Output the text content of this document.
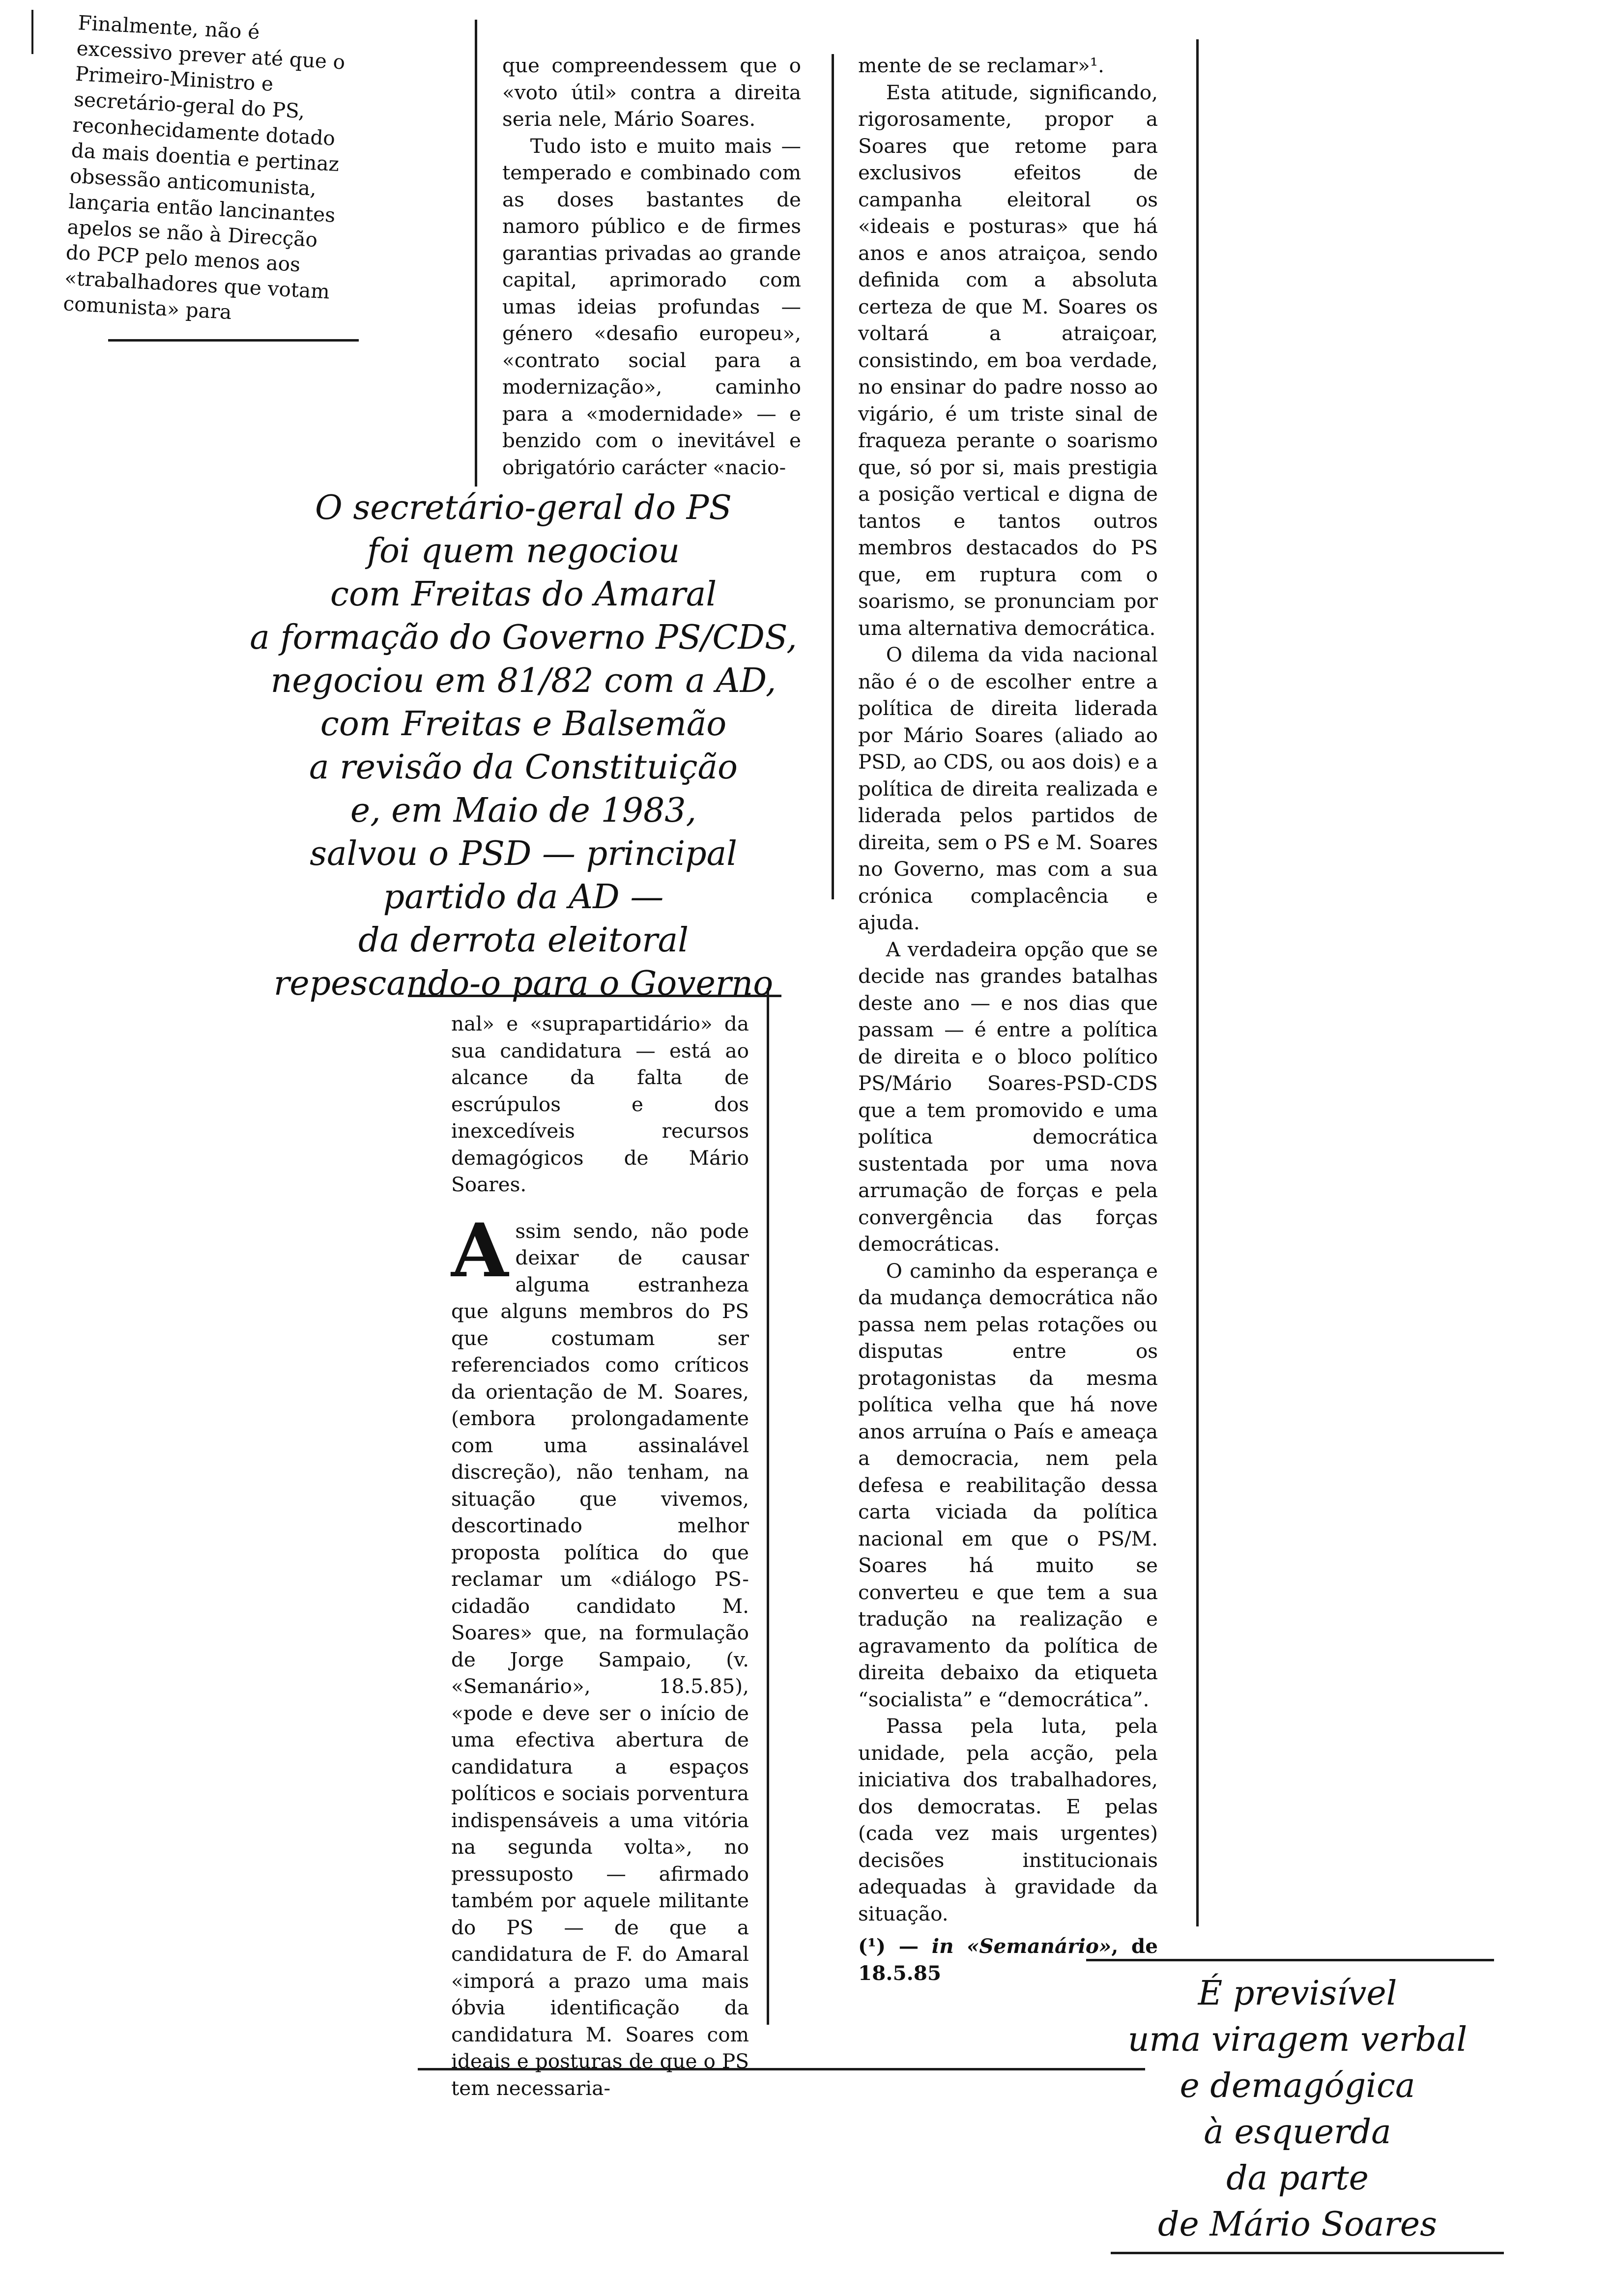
Finalmente, não é excessivo prever até que o Primeiro-Ministro e secretário-geral do PS, reconhecidamente dotado da mais doentia e pertinaz obsessão anticomunista, lançaria então lancinantes apelos se não à Direcção do PCP pelo menos aos «trabalhadores que votam comunista» para

que compreendessem que o «voto útil» contra a direita seria nele, Mário Soares.

Tudo isto e muito mais — temperado e combinado com as doses bastantes de namoro público e de firmes garantias privadas ao grande capital, aprimorado com umas ideias profundas — género «desafio europeu», «contrato social para a modernização», caminho para a «modernidade» — e benzido com o inevitável e obrigatório carácter «nacio-

O secretário-geral do PS
foi quem negociou
com Freitas do Amaral
a formação do Governo PS/CDS,
negociou em 81/82 com a AD,
com Freitas e Balsemão
a revisão da Constituição
e, em Maio de 1983,
salvou o PSD — principal
partido da AD —
da derrota eleitoral
repescando-o para o Governo

nal» e «suprapartidário» da sua candidatura — está ao alcance da falta de escrúpulos e dos inexcedíveis recursos demagógicos de Mário Soares.

Assim sendo, não pode deixar de causar alguma estranheza que alguns membros do PS que costumam ser referenciados como críticos da orientação de M. Soares, (embora prolongadamente com uma assinalável discreção), não tenham, na situação que vivemos, descortinado melhor proposta política do que reclamar um «diálogo PS-cidadão candidato M. Soares» que, na formulação de Jorge Sampaio, (v. «Semanário», 18.5.85), «pode e deve ser o início de uma efectiva abertura de candidatura a espaços políticos e sociais porventura indispensáveis a uma vitória na segunda volta», no pressuposto — afirmado também por aquele militante do PS — de que a candidatura de F. do Amaral «imporá a prazo uma mais óbvia identificação da candidatura M. Soares com ideais e posturas de que o PS tem necessaria-

mente de se reclamar»¹.

Esta atitude, significando, rigorosamente, propor a Soares que retome para exclusivos efeitos de campanha eleitoral os «ideais e posturas» que há anos e anos atraiçoa, sendo definida com a absoluta certeza de que M. Soares os voltará a atraiçoar, consistindo, em boa verdade, no ensinar do padre nosso ao vigário, é um triste sinal de fraqueza perante o soarismo que, só por si, mais prestigia a posição vertical e digna de tantos e tantos outros membros destacados do PS que, em ruptura com o soarismo, se pronunciam por uma alternativa democrática.

O dilema da vida nacional não é o de escolher entre a política de direita liderada por Mário Soares (aliado ao PSD, ao CDS, ou aos dois) e a política de direita realizada e liderada pelos partidos de direita, sem o PS e M. Soares no Governo, mas com a sua crónica complacência e ajuda.

A verdadeira opção que se decide nas grandes batalhas deste ano — e nos dias que passam — é entre a política de direita e o bloco político PS/Mário Soares-PSD-CDS que a tem promovido e uma política democrática sustentada por uma nova arrumação de forças e pela convergência das forças democráticas.

O caminho da esperança e da mudança democrática não passa nem pelas rotações ou disputas entre os protagonistas da mesma política velha que há nove anos arruína o País e ameaça a democracia, nem pela defesa e reabilitação dessa carta viciada da política nacional em que o PS/M. Soares há muito se converteu e que tem a sua tradução na realização e agravamento da política de direita debaixo da etiqueta “socialista” e “democrática”.

Passa pela luta, pela unidade, pela acção, pela iniciativa dos trabalhadores, dos democratas. E pelas (cada vez mais urgentes) decisões institucionais adequadas à gravidade da situação.

(¹) — in «Semanário», de 18.5.85

É previsível
uma viragem verbal
e demagógica
à esquerda
da parte
de Mário Soares
